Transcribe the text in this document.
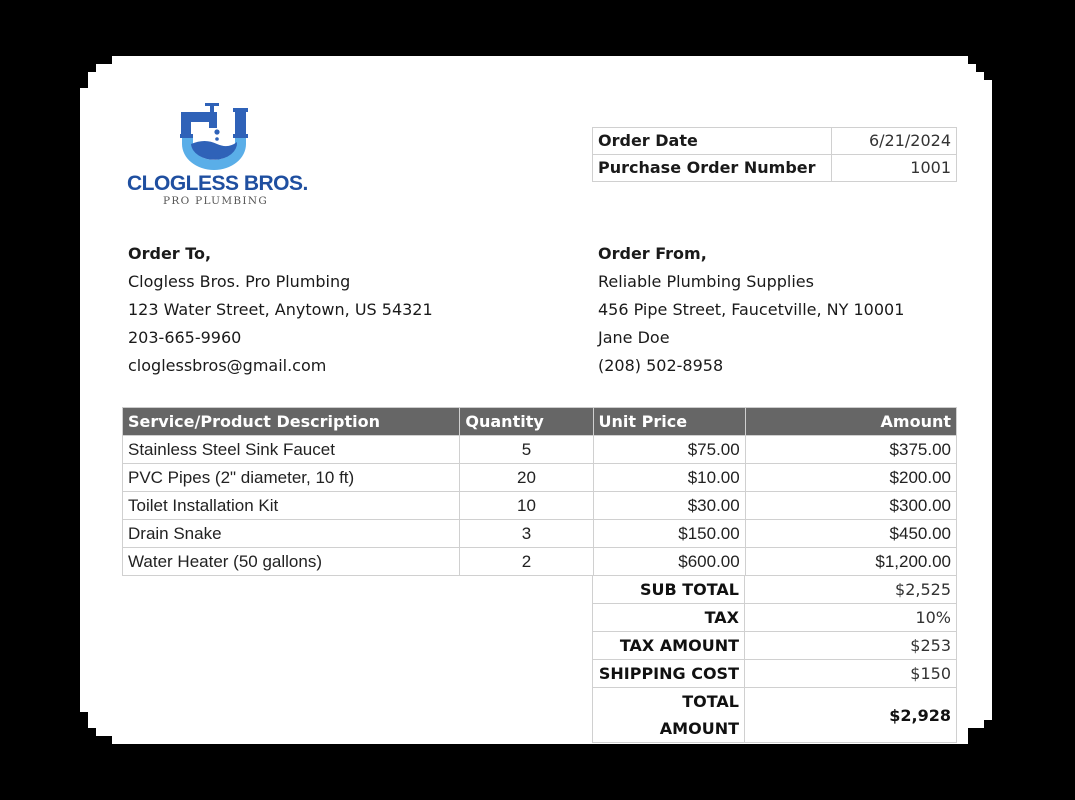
CLOGLESS BROS.
PRO PLUMBING
Order Date	6/21/2024
Purchase Order Number	1001
Order To,
Clogless Bros. Pro Plumbing
123 Water Street, Anytown, US 54321
203-665-9960
cloglessbros@gmail.com
Order From,
Reliable Plumbing Supplies
456 Pipe Street, Faucetville, NY 10001
Jane Doe
(208) 502-8958
Service/Product Description	Quantity	Unit Price	Amount
Stainless Steel Sink Faucet	5	$75.00	$375.00
PVC Pipes (2" diameter, 10 ft)	20	$10.00	$200.00
Toilet Installation Kit	10	$30.00	$300.00
Drain Snake	3	$150.00	$450.00
Water Heater (50 gallons)	2	$600.00	$1,200.00
SUB TOTAL	$2,525
TAX	10%
TAX AMOUNT	$253
SHIPPING COST	$150
TOTAL AMOUNT	$2,928
